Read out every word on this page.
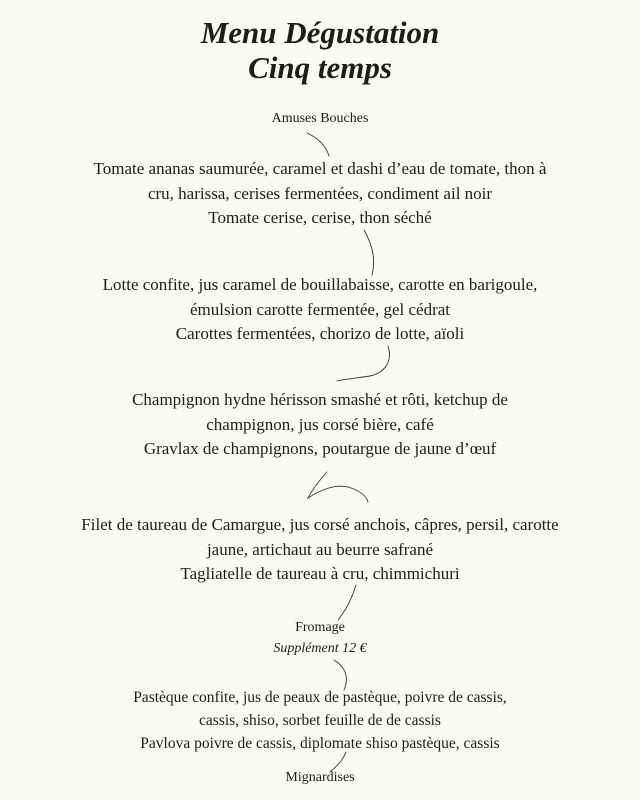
Menu Dégustation
Cinq temps

Amuses Bouches

Tomate ananas saumurée, caramel et dashi d’eau de tomate, thon à
cru, harissa, cerises fermentées, condiment ail noir
Tomate cerise, cerise, thon séché
Lotte confite, jus caramel de bouillabaisse, carotte en barigoule,
émulsion carotte fermentée, gel cédrat
Carottes fermentées, chorizo de lotte, aïoli
Champignon hydne hérisson smashé et rôti, ketchup de
champignon, jus corsé bière, café
Gravlax de champignons, poutargue de jaune d’œuf
Filet de taureau de Camargue, jus corsé anchois, câpres, persil, carotte
jaune, artichaut au beurre safrané
Tagliatelle de taureau à cru, chimmichuri

Fromage

Supplément 12 €

Pastèque confite, jus de peaux de pastèque, poivre de cassis,
cassis, shiso, sorbet feuille de de cassis
Pavlova poivre de cassis, diplomate shiso pastèque, cassis

Mignardises
